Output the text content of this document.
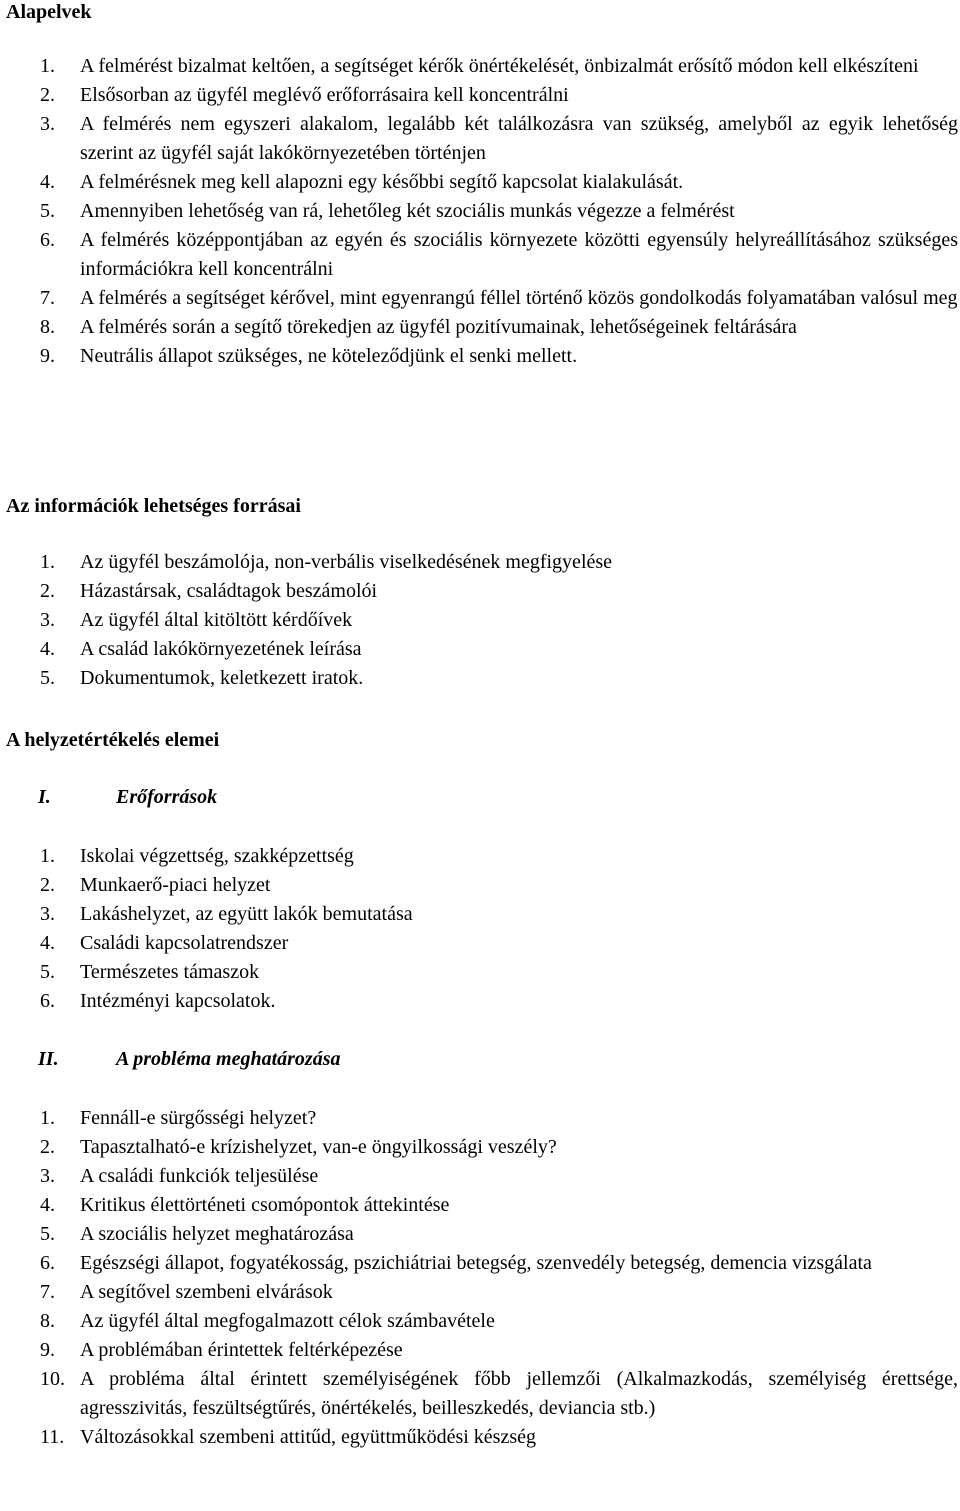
Alapelvek
1.	A felmérést bizalmat keltően, a segítséget kérők önértékelését, önbizalmát erősítő módon kell elkészíteni
2.	Elsősorban az ügyfél meglévő erőforrásaira kell koncentrálni
3.	A felmérés nem egyszeri alakalom, legalább két találkozásra van szükség, amelyből az egyik lehetőség szerint az ügyfél saját lakókörnyezetében történjen
4.	A felmérésnek meg kell alapozni egy későbbi segítő kapcsolat kialakulását.
5.	Amennyiben lehetőség van rá, lehetőleg két szociális munkás végezze a felmérést
6.	A felmérés középpontjában az egyén és szociális környezete közötti egyensúly helyreállításához szükséges információkra kell koncentrálni
7.	A felmérés a segítséget kérővel, mint egyenrangú féllel történő közös gondolkodás folyamatában valósul meg
8.	A felmérés során a segítő törekedjen az ügyfél pozitívumainak, lehetőségeinek feltárására
9.	Neutrális állapot szükséges, ne köteleződjünk el senki mellett.
Az információk lehetséges forrásai
1.	Az ügyfél beszámolója, non-verbális viselkedésének megfigyelése
2.	Házastársak, családtagok beszámolói
3.	Az ügyfél által kitöltött kérdőívek
4.	A család lakókörnyezetének leírása
5.	Dokumentumok, keletkezett iratok.
A helyzetértékelés elemei
I.	Erőforrások
1.	Iskolai végzettség, szakképzettség
2.	Munkaerő-piaci helyzet
3.	Lakáshelyzet, az együtt lakók bemutatása
4.	Családi kapcsolatrendszer
5.	Természetes támaszok
6.	Intézményi kapcsolatok.
II.	A probléma meghatározása
1.	Fennáll-e sürgősségi helyzet?
2.	Tapasztalható-e krízishelyzet, van-e öngyilkossági veszély?
3.	A családi funkciók teljesülése
4.	Kritikus élettörténeti csomópontok áttekintése
5.	A szociális helyzet meghatározása
6.	Egészségi állapot, fogyatékosság, pszichiátriai betegség, szenvedély betegség, demencia vizsgálata
7.	A segítővel szembeni elvárások
8.	Az ügyfél által megfogalmazott célok számbavétele
9.	A problémában érintettek feltérképezése
10. A probléma által érintett személyiségének főbb jellemzői (Alkalmazkodás, személyiség érettsége, agresszivitás, feszültségtűrés, önértékelés, beilleszkedés, deviancia stb.)
11. Változásokkal szembeni attitűd, együttműködési készség
